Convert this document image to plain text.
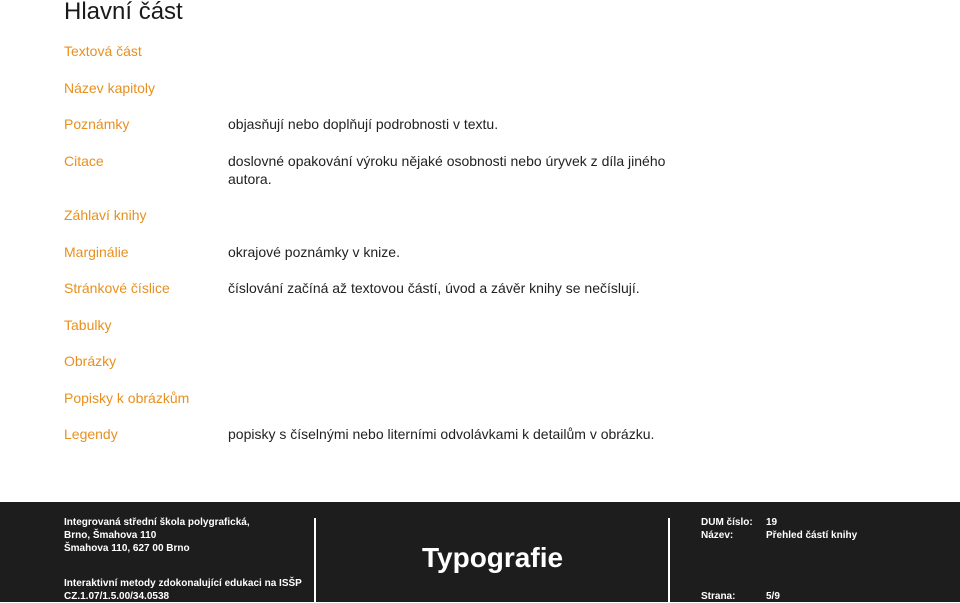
Hlavní část
Textová část
Název kapitoly
Poznámky	objasňují nebo doplňují podrobnosti v textu.
Citace	doslovné opakování výroku nějaké osobnosti nebo úryvek z díla jiného autora.
Záhlaví knihy
Marginálie	okrajové poznámky v knize.
Stránkové číslice	číslování začíná až textovou částí, úvod a závěr knihy se nečíslují.
Tabulky
Obrázky
Popisky k obrázkům
Legendy	popisky s číselnými nebo literními odvolávkami k detailům v obrázku.
Integrovaná střední škola polygrafická,
Brno, Šmahova 110
Šmahova 110, 627 00 Brno
Interaktivní metody zdokonalující edukaci na ISŠP
CZ.1.07/1.5.00/34.0538
Typografie
DUM číslo: 19
Název:	Přehled částí knihy
Strana:	5/9
